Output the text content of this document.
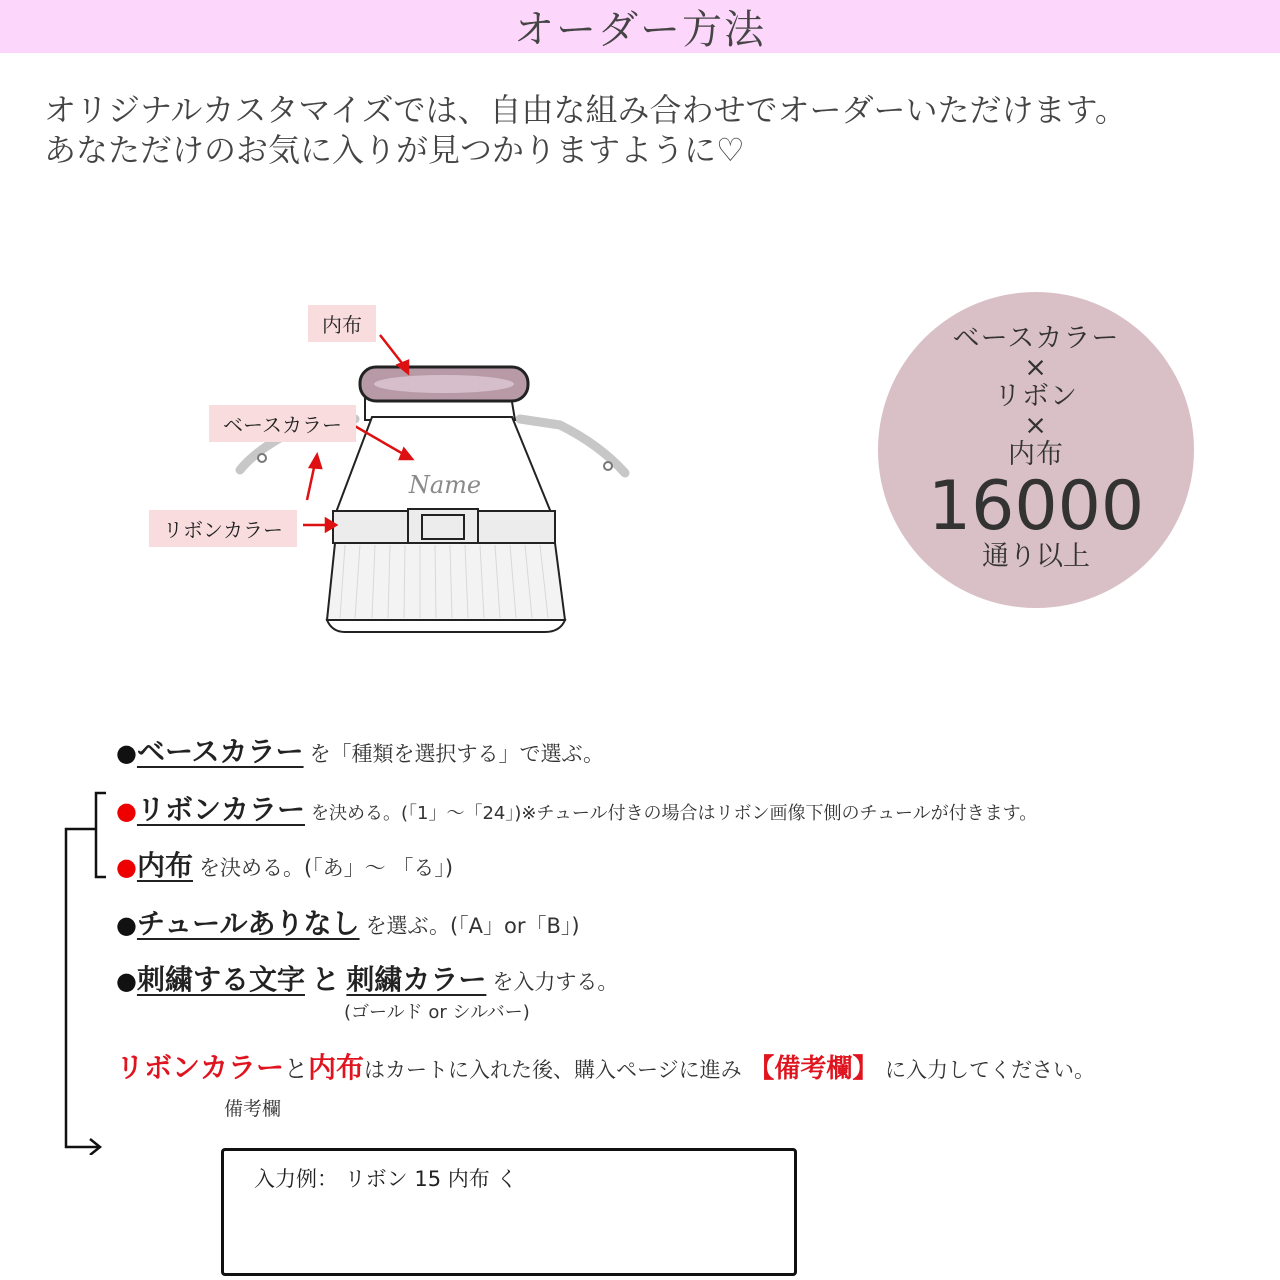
オーダー方法
オリジナルカスタマイズでは、自由な組み合わせでオーダーいただけます。
あなただけのお気に入りが見つかりますように♡
Name
内布
ベースカラー
リボンカラー
ベースカラー
×
リボン
×
内布
16000
通り以上
●ベースカラー を「種類を選択する」で選ぶ。
●リボンカラー を決める。(「1」～「24」)※チュール付きの場合はリボン画像下側のチュールが付きます。
●内布 を決める。(「あ」～ 「る」)
●チュールありなし を選ぶ。(「A」or「B」)
●刺繍する文字 と 刺繍カラー を入力する。
(ゴールド or シルバー)
リボンカラーと内布はカートに入れた後、購入ページに進み 【備考欄】 に入力してください。
備考欄
入力例： リボン 15 内布 く
